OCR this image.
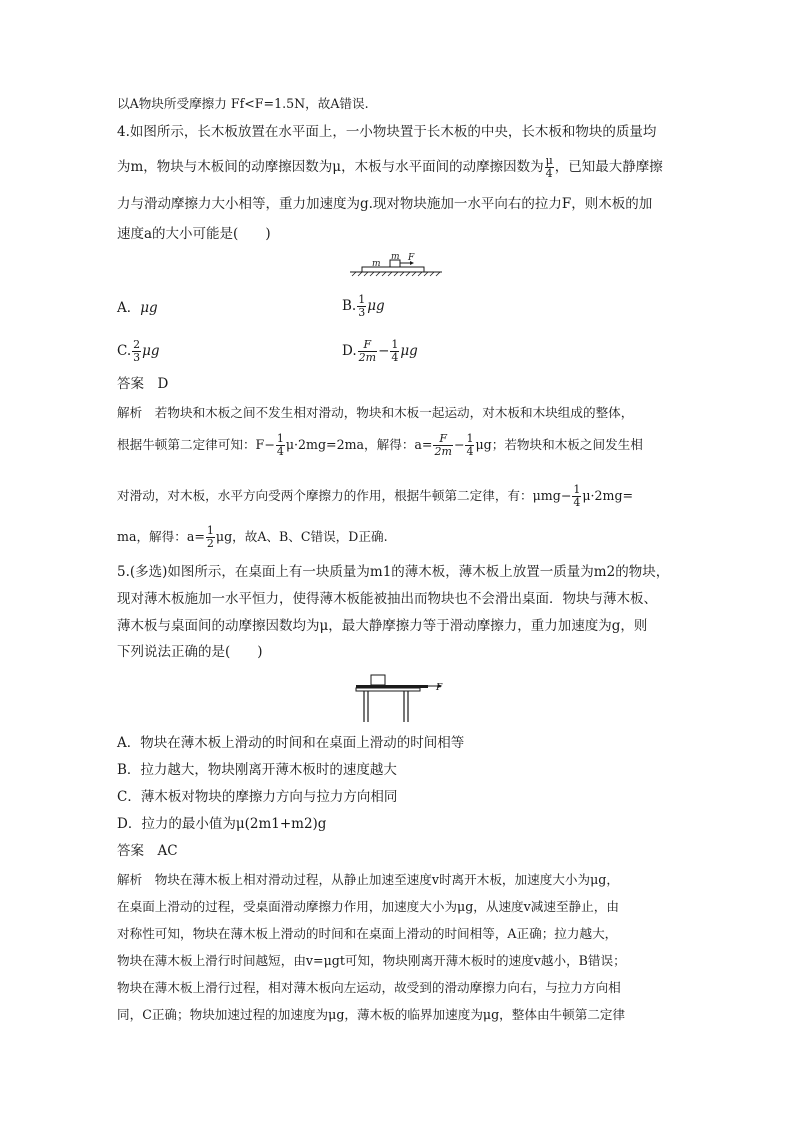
以A物块所受摩擦力 Ff<F=1.5N，故A错误.
4.如图所示，长木板放置在水平面上，一小物块置于长木板的中央，长木板和物块的质量均
为m，物块与木板间的动摩擦因数为μ，木板与水平面间的动摩擦因数为 $\frac{\mu}{4}$ ，已知最大静摩擦
力与滑动摩擦力大小相等，重力加速度为g.现对物块施加一水平向右的拉力F，则木板的加
速度a的大小可能是(　　)
m
m F
A．μg	B. $\frac{1}{3}$ μg
C. $\frac{2}{3}$ μg	D. $\frac{F}{2m} - \frac{1}{4}$ μg
答案　D
解析　若物块和木板之间不发生相对滑动，物块和木板一起运动，对木板和木块组成的整体，
根据牛顿第二定律可知：$F- \frac{1}{4} \mu\cdot 2mg=2ma$，解得：$a= \frac{F}{2m} - \frac{1}{4}$ μg；若物块和木板之间发生相
对滑动，对木板，水平方向受两个摩擦力的作用，根据牛顿第二定律，有：$\mu mg- \frac{1}{4} \mu\cdot 2mg=$
ma，解得：$a= \frac{1}{2}$ μg，故A、B、C错误，D正确.
5.(多选)如图所示，在桌面上有一块质量为m1的薄木板，薄木板上放置一质量为m2的物块，
现对薄木板施加一水平恒力，使得薄木板能被抽出而物块也不会滑出桌面．物块与薄木板、
薄木板与桌面间的动摩擦因数均为μ，最大静摩擦力等于滑动摩擦力，重力加速度为g，则
下列说法正确的是(　　)
F
A．物块在薄木板上滑动的时间和在桌面上滑动的时间相等
B．拉力越大，物块刚离开薄木板时的速度越大
C．薄木板对物块的摩擦力方向与拉力方向相同
D．拉力的最小值为μ(2m1+m2)g
答案　AC
解析　物块在薄木板上相对滑动过程，从静止加速至速度v时离开木板，加速度大小为μg，
在桌面上滑动的过程，受桌面滑动摩擦力作用，加速度大小为μg，从速度v减速至静止，由
对称性可知，物块在薄木板上滑动的时间和在桌面上滑动的时间相等，A正确；拉力越大，
物块在薄木板上滑行时间越短，由v=μgt可知，物块刚离开薄木板时的速度v越小，B错误；
物块在薄木板上滑行过程，相对薄木板向左运动，故受到的滑动摩擦力向右，与拉力方向相
同，C正确；物块加速过程的加速度为μg，薄木板的临界加速度为μg，整体由牛顿第二定律
